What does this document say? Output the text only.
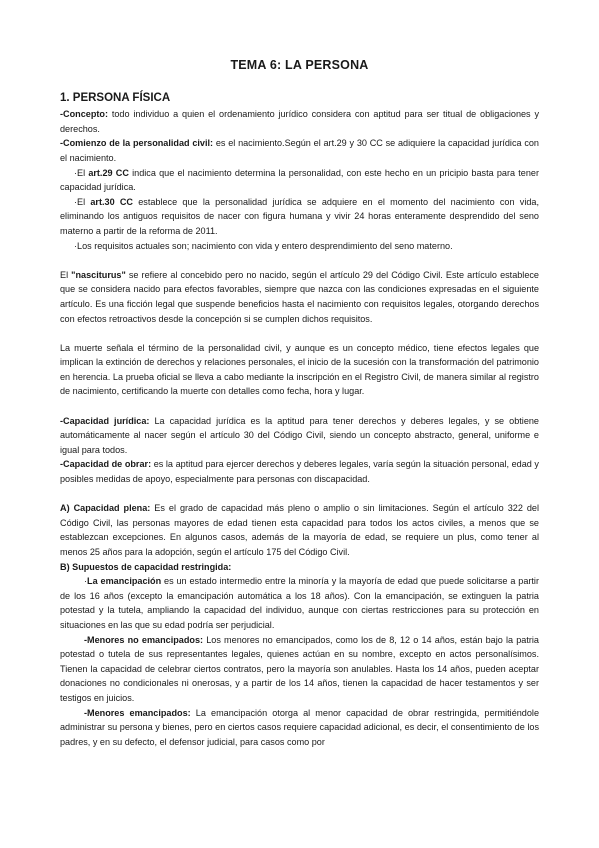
TEMA 6: LA PERSONA
1. PERSONA FÍSICA

-Concepto: todo individuo a quien el ordenamiento jurídico considera con aptitud para ser titual de obligaciones y derechos.

-Comienzo de la personalidad civil: es el nacimiento.Según el art.29 y 30 CC se adiquiere la capacidad jurídica con el nacimiento.

·El art.29 CC indica que el nacimiento determina la personalidad, con este hecho en un pricipio basta para tener capacidad jurídica.

·El art.30 CC establece que la personalidad jurídica se adquiere en el momento del nacimiento con vida, eliminando los antiguos requisitos de nacer con figura humana y vivir 24 horas enteramente desprendido del seno materno a partir de la reforma de 2011.

·Los requisitos actuales son; nacimiento con vida y entero desprendimiento del seno materno.

El "nasciturus" se refiere al concebido pero no nacido, según el artículo 29 del Código Civil. Este artículo establece que se considera nacido para efectos favorables, siempre que nazca con las condiciones expresadas en el siguiente artículo. Es una ficción legal que suspende beneficios hasta el nacimiento con requisitos legales, otorgando derechos con efectos retroactivos desde la concepción si se cumplen dichos requisitos.

La muerte señala el término de la personalidad civil, y aunque es un concepto médico, tiene efectos legales que implican la extinción de derechos y relaciones personales, el inicio de la sucesión con la transformación del patrimonio en herencia. La prueba oficial se lleva a cabo mediante la inscripción en el Registro Civil, de manera similar al registro de nacimiento, certificando la muerte con detalles como fecha, hora y lugar.

-Capacidad jurídica: La capacidad jurídica es la aptitud para tener derechos y deberes legales, y se obtiene automáticamente al nacer según el artículo 30 del Código Civil, siendo un concepto abstracto, general, uniforme e igual para todos.

-Capacidad de obrar: es la aptitud para ejercer derechos y deberes legales, varía según la situación personal, edad y posibles medidas de apoyo, especialmente para personas con discapacidad.

A) Capacidad plena: Es el grado de capacidad más pleno o amplio o sin limitaciones. Según el artículo 322 del Código Civil, las personas mayores de edad tienen esta capacidad para todos los actos civiles, a menos que se establezcan excepciones. En algunos casos, además de la mayoría de edad, se requiere un plus, como tener al menos 25 años para la adopción, según el artículo 175 del Código Civil.

B) Supuestos de capacidad restringida:

·La emancipación es un estado intermedio entre la minoría y la mayoría de edad que puede solicitarse a partir de los 16 años (excepto la emancipación automática a los 18 años). Con la emancipación, se extinguen la patria potestad y la tutela, ampliando la capacidad del individuo, aunque con ciertas restricciones para su protección en situaciones en las que su edad podría ser perjudicial.

-Menores no emancipados: Los menores no emancipados, como los de 8, 12 o 14 años, están bajo la patria potestad o tutela de sus representantes legales, quienes actúan en su nombre, excepto en actos personalísimos. Tienen la capacidad de celebrar ciertos contratos, pero la mayoría son anulables. Hasta los 14 años, pueden aceptar donaciones no condicionales ni onerosas, y a partir de los 14 años, tienen la capacidad de hacer testamentos y ser testigos en juicios.

-Menores emancipados: La emancipación otorga al menor capacidad de obrar restringida, permitiéndole administrar su persona y bienes, pero en ciertos casos requiere capacidad adicional, es decir, el consentimiento de los padres, y en su defecto, el defensor judicial, para casos como por
